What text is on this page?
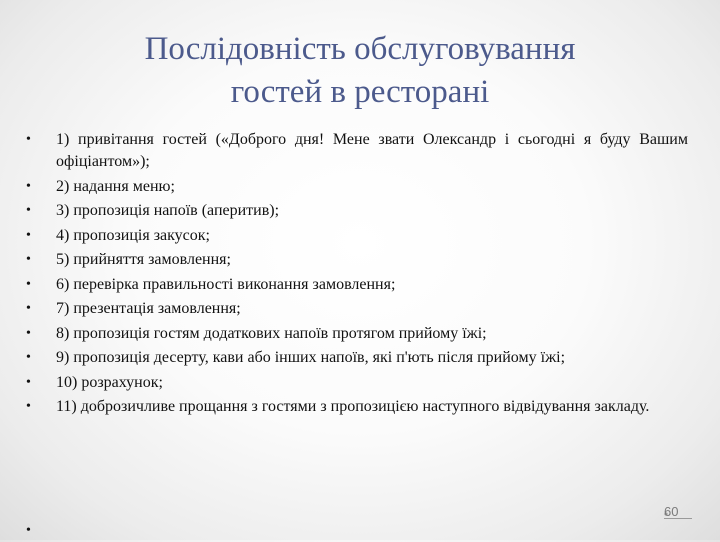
Послідовність обслуговування
гостей в ресторані
•	1) привітання гостей («Доброго дня! Мене звати Олександр і сьогодні я буду Вашим офіціантом»);
•	2) надання меню;
•	3) пропозиція напоїв (аперитив);
•	4) пропозиція закусок;
•	5) прийняття замовлення;
•	6) перевірка правильності виконання замовлення;
•	7) презентація замовлення;
•	8) пропозиція гостям додаткових напоїв протягом прийому їжі;
•	9) пропозиція десерту, кави або інших напоїв, які п'ють після прийому їжі;
•	10) розрахунок;
•	11) доброзичливе прощання з гостями з пропозицією наступного відвідування закладу.
•
60
